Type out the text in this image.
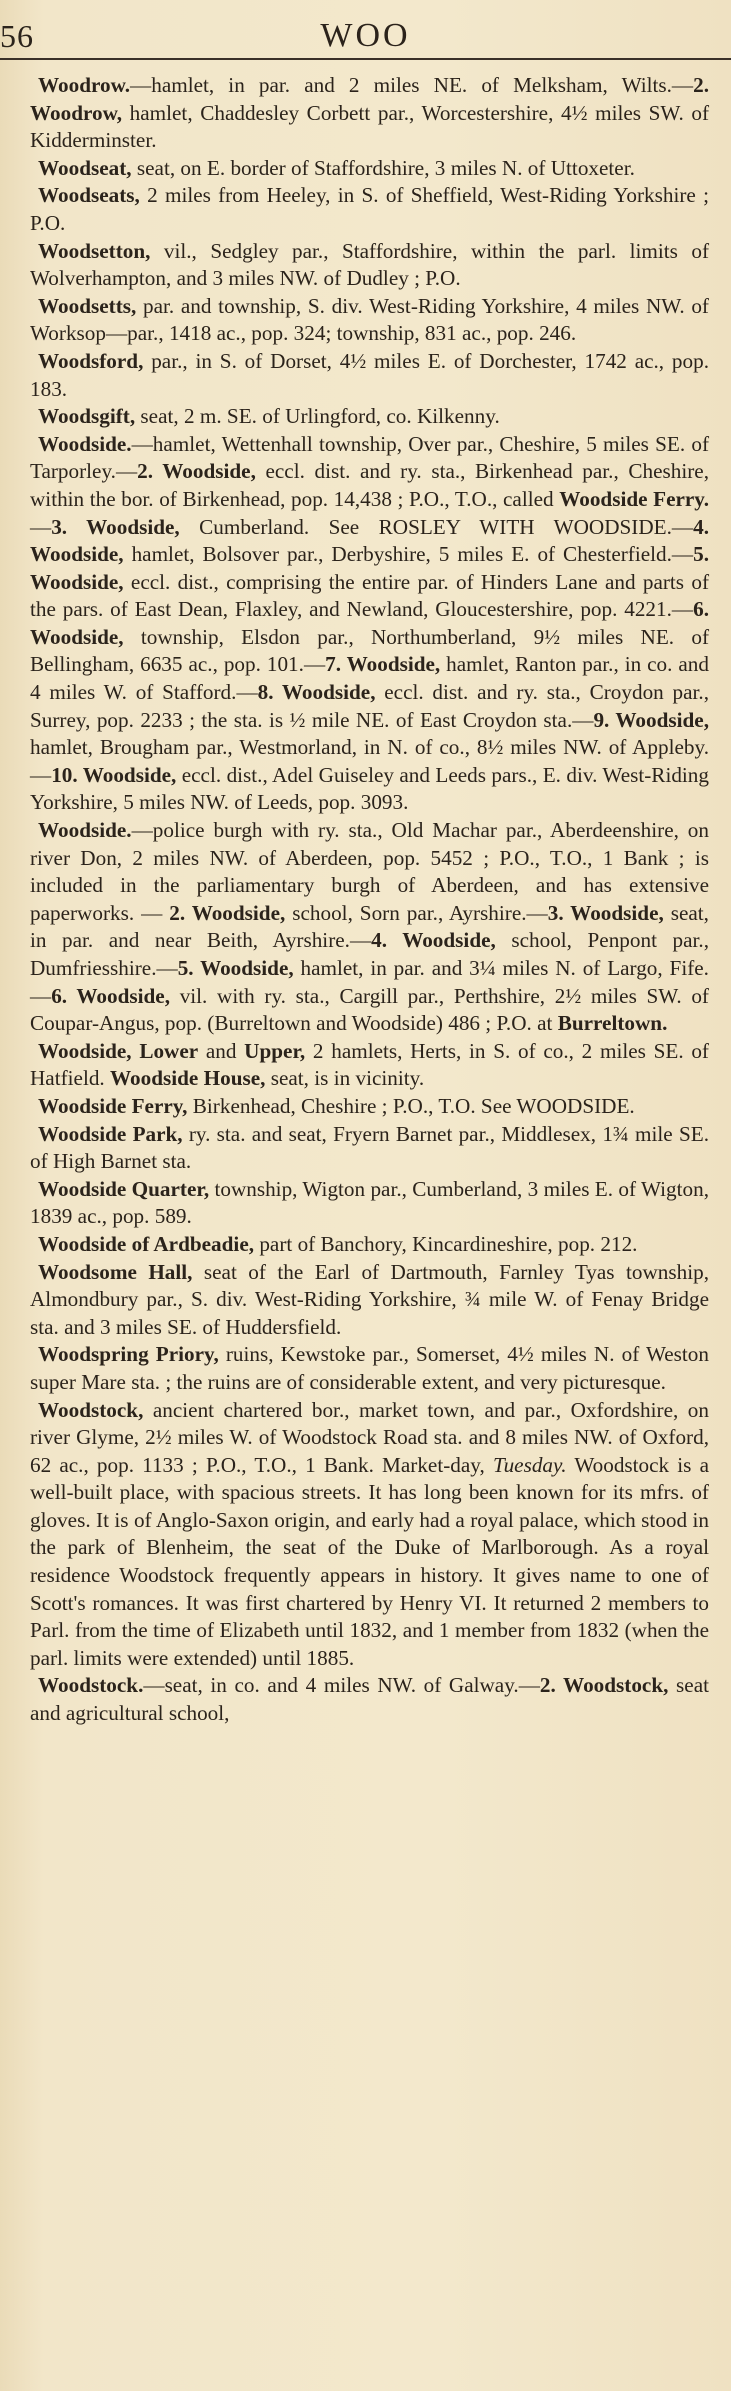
56	WOO

Woodrow.—hamlet, in par. and 2 miles NE. of Melksham, Wilts.—2. Woodrow, hamlet, Chaddesley Corbett par., Worcestershire, 4½ miles SW. of Kidderminster.

Woodseat, seat, on E. border of Staffordshire, 3 miles N. of Uttoxeter.

Woodseats, 2 miles from Heeley, in S. of Sheffield, West-Riding Yorkshire ; P.O.

Woodsetton, vil., Sedgley par., Staffordshire, within the parl. limits of Wolverhampton, and 3 miles NW. of Dudley ; P.O.

Woodsetts, par. and township, S. div. West-Riding Yorkshire, 4 miles NW. of Worksop—par., 1418 ac., pop. 324; township, 831 ac., pop. 246.

Woodsford, par., in S. of Dorset, 4½ miles E. of Dorchester, 1742 ac., pop. 183.

Woodsgift, seat, 2 m. SE. of Urlingford, co. Kilkenny.

Woodside.—hamlet, Wettenhall township, Over par., Cheshire, 5 miles SE. of Tarporley.—2. Woodside, eccl. dist. and ry. sta., Birkenhead par., Cheshire, within the bor. of Birkenhead, pop. 14,438 ; P.O., T.O., called Woodside Ferry.—3. Woodside, Cumberland. See ROSLEY WITH WOODSIDE.—4. Woodside, hamlet, Bolsover par., Derbyshire, 5 miles E. of Chesterfield.—5. Woodside, eccl. dist., comprising the entire par. of Hinders Lane and parts of the pars. of East Dean, Flaxley, and Newland, Gloucestershire, pop. 4221.—6. Woodside, township, Elsdon par., Northumberland, 9½ miles NE. of Bellingham, 6635 ac., pop. 101.—7. Woodside, hamlet, Ranton par., in co. and 4 miles W. of Stafford.—8. Woodside, eccl. dist. and ry. sta., Croydon par., Surrey, pop. 2233 ; the sta. is ½ mile NE. of East Croydon sta.—9. Woodside, hamlet, Brougham par., Westmorland, in N. of co., 8½ miles NW. of Appleby.—10. Woodside, eccl. dist., Adel Guiseley and Leeds pars., E. div. West-Riding Yorkshire, 5 miles NW. of Leeds, pop. 3093.

Woodside.—police burgh with ry. sta., Old Machar par., Aberdeenshire, on river Don, 2 miles NW. of Aberdeen, pop. 5452 ; P.O., T.O., 1 Bank ; is included in the parliamentary burgh of Aberdeen, and has extensive paperworks. — 2. Woodside, school, Sorn par., Ayrshire.—3. Woodside, seat, in par. and near Beith, Ayrshire.—4. Woodside, school, Penpont par., Dumfriesshire.—5. Woodside, hamlet, in par. and 3¼ miles N. of Largo, Fife.—6. Woodside, vil. with ry. sta., Cargill par., Perthshire, 2½ miles SW. of Coupar-Angus, pop. (Burreltown and Woodside) 486 ; P.O. at Burreltown.

Woodside, Lower and Upper, 2 hamlets, Herts, in S. of co., 2 miles SE. of Hatfield. Woodside House, seat, is in vicinity.

Woodside Ferry, Birkenhead, Cheshire ; P.O., T.O. See WOODSIDE.

Woodside Park, ry. sta. and seat, Fryern Barnet par., Middlesex, 1¾ mile SE. of High Barnet sta.

Woodside Quarter, township, Wigton par., Cumberland, 3 miles E. of Wigton, 1839 ac., pop. 589.

Woodside of Ardbeadie, part of Banchory, Kincardineshire, pop. 212.

Woodsome Hall, seat of the Earl of Dartmouth, Farnley Tyas township, Almondbury par., S. div. West-Riding Yorkshire, ¾ mile W. of Fenay Bridge sta. and 3 miles SE. of Huddersfield.

Woodspring Priory, ruins, Kewstoke par., Somerset, 4½ miles N. of Weston super Mare sta. ; the ruins are of considerable extent, and very picturesque.

Woodstock, ancient chartered bor., market town, and par., Oxfordshire, on river Glyme, 2½ miles W. of Woodstock Road sta. and 8 miles NW. of Oxford, 62 ac., pop. 1133 ; P.O., T.O., 1 Bank. Market-day, Tuesday. Woodstock is a well-built place, with spacious streets. It has long been known for its mfrs. of gloves. It is of Anglo-Saxon origin, and early had a royal palace, which stood in the park of Blenheim, the seat of the Duke of Marlborough. As a royal residence Woodstock frequently appears in history. It gives name to one of Scott's romances. It was first chartered by Henry VI. It returned 2 members to Parl. from the time of Elizabeth until 1832, and 1 member from 1832 (when the parl. limits were extended) until 1885.

Woodstock.—seat, in co. and 4 miles NW. of Galway.—2. Woodstock, seat and agricultural school,
